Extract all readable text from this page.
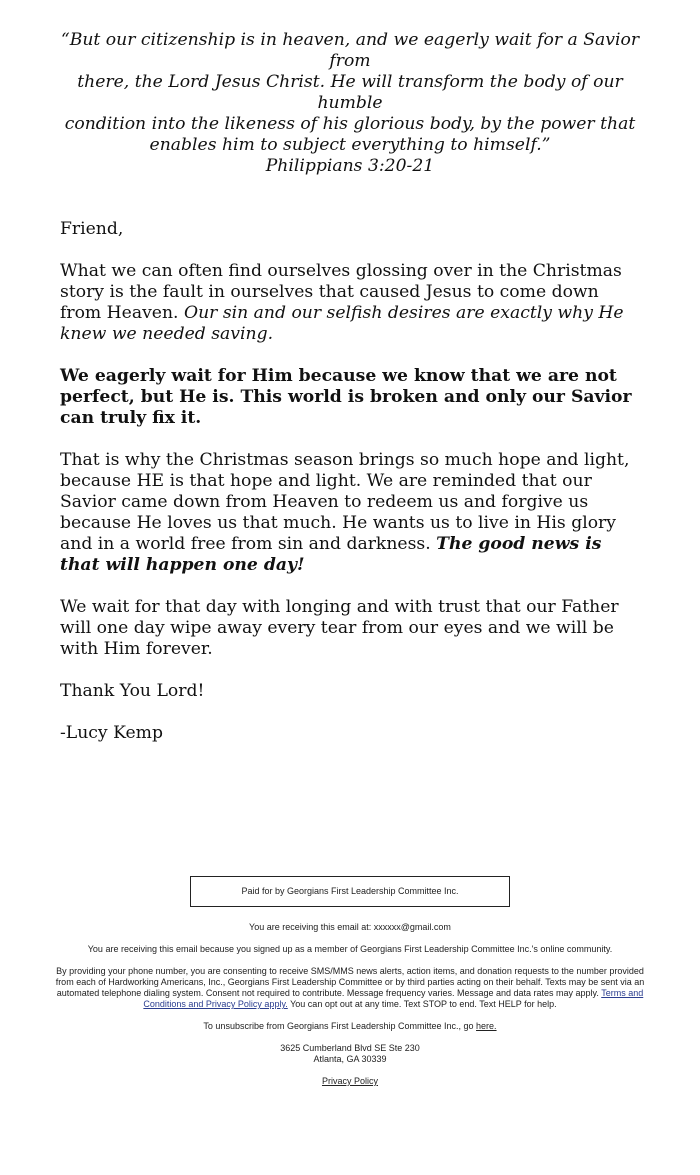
“But our citizenship is in heaven, and we eagerly wait for a Savior from
there, the Lord Jesus Christ. He will transform the body of our humble
condition into the likeness of his glorious body, by the power that
enables him to subject everything to himself.”
Philippians 3:20-21

Friend,

What we can often find ourselves glossing over in the Christmas story is the fault in ourselves that caused Jesus to come down from Heaven. Our sin and our selfish desires are exactly why He knew we needed saving.

We eagerly wait for Him because we know that we are not perfect, but He is. This world is broken and only our Savior can truly fix it.

That is why the Christmas season brings so much hope and light, because HE is that hope and light. We are reminded that our Savior came down from Heaven to redeem us and forgive us because He loves us that much. He wants us to live in His glory and in a world free from sin and darkness. The good news is that will happen one day!

We wait for that day with longing and with trust that our Father will one day wipe away every tear from our eyes and we will be with Him forever.

Thank You Lord!

-Lucy Kemp

Paid for by Georgians First Leadership Committee Inc.

You are receiving this email at: xxxxxx@gmail.com

You are receiving this email because you signed up as a member of Georgians First Leadership Committee Inc.'s online community.

By providing your phone number, you are consenting to receive SMS/MMS news alerts, action items, and donation requests to the number provided from each of Hardworking Americans, Inc., Georgians First Leadership Committee or by third parties acting on their behalf. Texts may be sent via an automated telephone dialing system. Consent not required to contribute. Message frequency varies. Message and data rates may apply. Terms and Conditions and Privacy Policy apply. You can opt out at any time. Text STOP to end. Text HELP for help.

To unsubscribe from Georgians First Leadership Committee Inc., go here.

3625 Cumberland Blvd SE Ste 230
Atlanta, GA 30339

Privacy Policy
